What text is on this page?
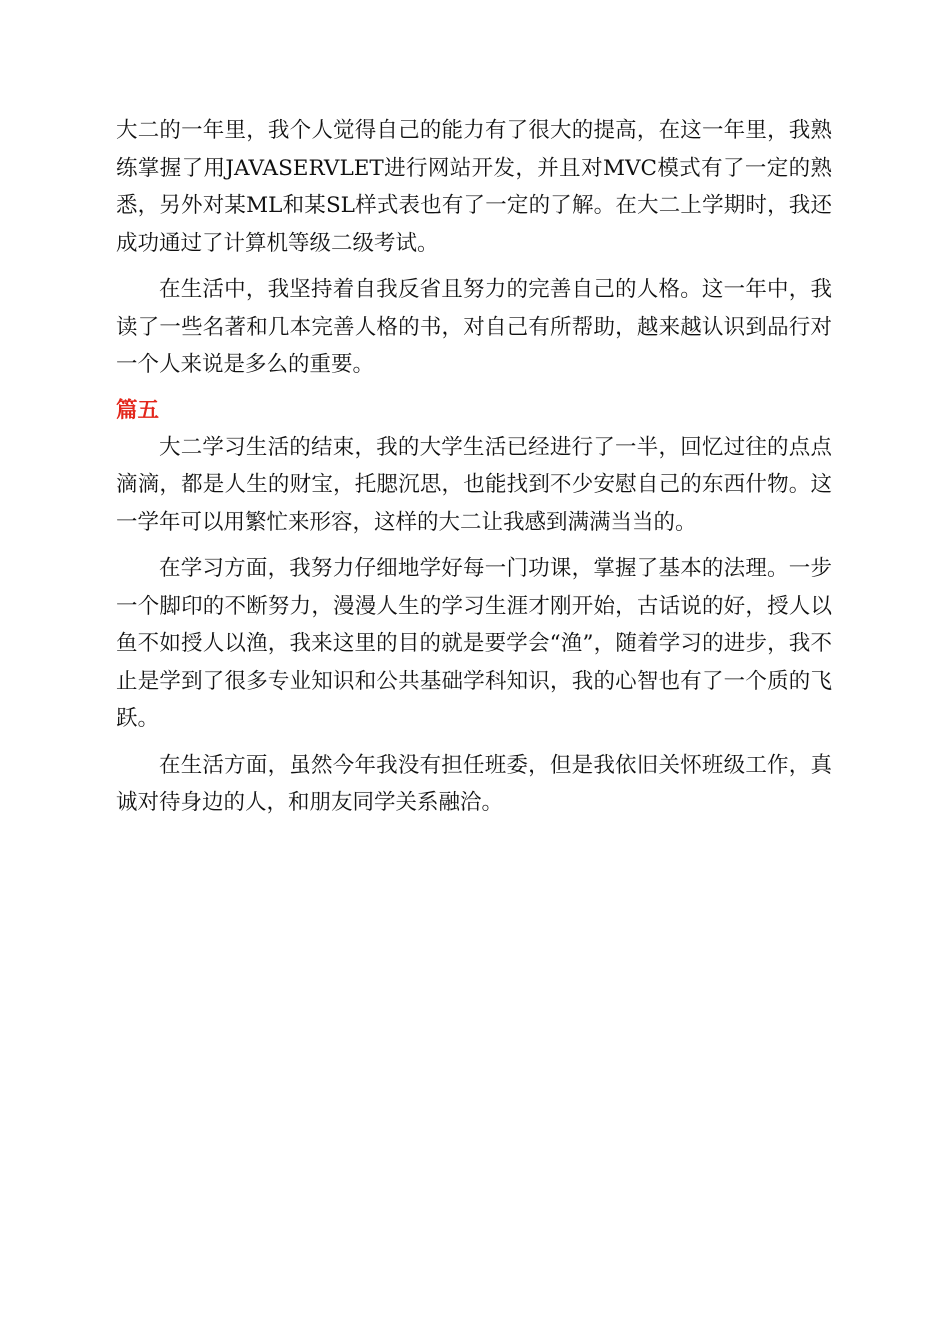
大二的一年里，我个人觉得自己的能力有了很大的提高，在这一年里，我熟练掌握了用JAVASERVLET进行网站开发，并且对MVC模式有了一定的熟悉，另外对某ML和某SL样式表也有了一定的了解。在大二上学期时，我还成功通过了计算机等级二级考试。

在生活中，我坚持着自我反省且努力的完善自己的人格。这一年中，我读了一些名著和几本完善人格的书，对自己有所帮助，越来越认识到品行对一个人来说是多么的重要。

篇五

大二学习生活的结束，我的大学生活已经进行了一半，回忆过往的点点滴滴，都是人生的财宝，托腮沉思，也能找到不少安慰自己的东西什物。这一学年可以用繁忙来形容，这样的大二让我感到满满当当的。

在学习方面，我努力仔细地学好每一门功课，掌握了基本的法理。一步一个脚印的不断努力，漫漫人生的学习生涯才刚开始，古话说的好，授人以鱼不如授人以渔，我来这里的目的就是要学会“渔”，随着学习的进步，我不止是学到了很多专业知识和公共基础学科知识，我的心智也有了一个质的飞跃。

在生活方面，虽然今年我没有担任班委，但是我依旧关怀班级工作，真诚对待身边的人，和朋友同学关系融洽。
